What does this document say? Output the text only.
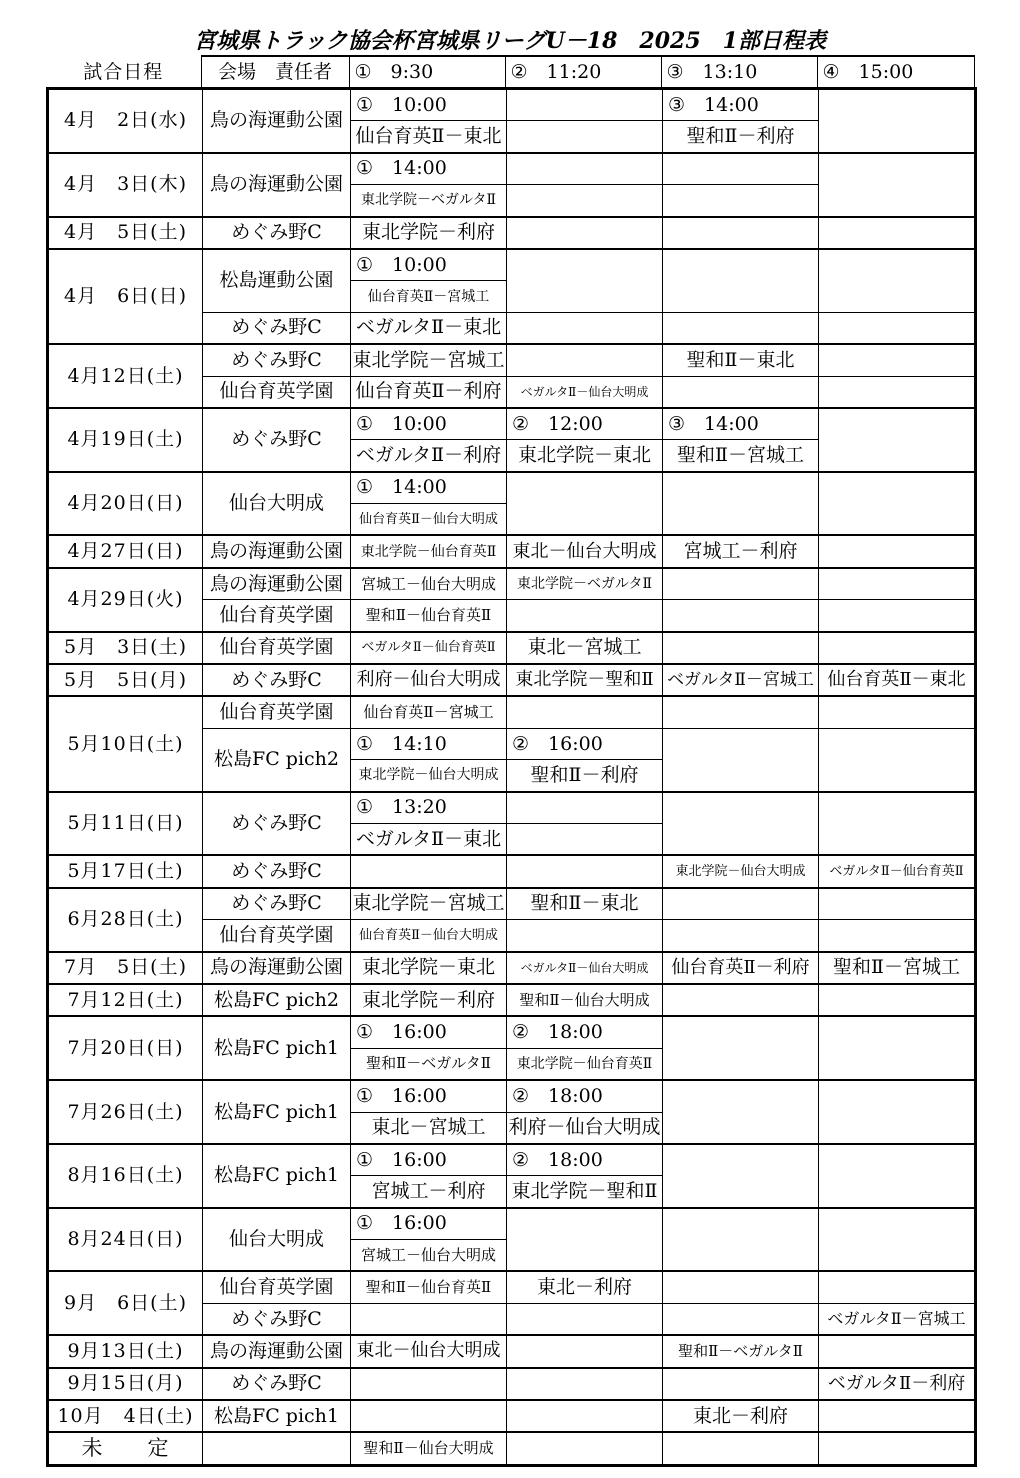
宮城県トラック協会杯宮城県リーグU－18　2025　1部日程表
試合日程	会場　責任者	①　9:30	②　11:20	③　13:10	④　15:00
4月　2日(水)	鳥の海運動公園	①　10:00		③　14:00	
		仙台育英Ⅱ－東北		聖和Ⅱ－利府	
4月　3日(木)	鳥の海運動公園	①　14:00			
		東北学院－ベガルタⅡ			
4月　5日(土)	めぐみ野C	東北学院－利府			
4月　6日(日)	松島運動公園	①　10:00			
		仙台育英Ⅱ－宮城工			
	めぐみ野C	ベガルタⅡ－東北			
4月12日(土)	めぐみ野C	東北学院－宮城工		聖和Ⅱ－東北	
	仙台育英学園	仙台育英Ⅱ－利府	ベガルタⅡ－仙台大明成		
4月19日(土)	めぐみ野C	①　10:00	②　12:00	③　14:00	
		ベガルタⅡ－利府	東北学院－東北	聖和Ⅱ－宮城工	
4月20日(日)	仙台大明成	①　14:00			
		仙台育英Ⅱ－仙台大明成			
4月27日(日)	鳥の海運動公園	東北学院－仙台育英Ⅱ	東北－仙台大明成	宮城工－利府	
4月29日(火)	鳥の海運動公園	宮城工－仙台大明成	東北学院－ベガルタⅡ		
	仙台育英学園	聖和Ⅱ－仙台育英Ⅱ			
5月　3日(土)	仙台育英学園	ベガルタⅡ－仙台育英Ⅱ	東北－宮城工		
5月　5日(月)	めぐみ野C	利府－仙台大明成	東北学院－聖和Ⅱ	ベガルタⅡ－宮城工	仙台育英Ⅱ－東北
5月10日(土)	仙台育英学園	仙台育英Ⅱ－宮城工			
	松島FC pich2	①　14:10	②　16:00		
		東北学院－仙台大明成	聖和Ⅱ－利府		
5月11日(日)	めぐみ野C	①　13:20			
		ベガルタⅡ－東北			
5月17日(土)	めぐみ野C			東北学院－仙台大明成	ベガルタⅡ－仙台育英Ⅱ
6月28日(土)	めぐみ野C	東北学院－宮城工	聖和Ⅱ－東北		
	仙台育英学園	仙台育英Ⅱ－仙台大明成			
7月　5日(土)	鳥の海運動公園	東北学院－東北	ベガルタⅡ－仙台大明成	仙台育英Ⅱ－利府	聖和Ⅱ－宮城工
7月12日(土)	松島FC pich2	東北学院－利府	聖和Ⅱ－仙台大明成		
7月20日(日)	松島FC pich1	①　16:00	②　18:00		
		聖和Ⅱ－ベガルタⅡ	東北学院－仙台育英Ⅱ		
7月26日(土)	松島FC pich1	①　16:00	②　18:00		
		東北－宮城工	利府－仙台大明成		
8月16日(土)	松島FC pich1	①　16:00	②　18:00		
		宮城工－利府	東北学院－聖和Ⅱ		
8月24日(日)	仙台大明成	①　16:00			
		宮城工－仙台大明成			
9月　6日(土)	仙台育英学園	聖和Ⅱ－仙台育英Ⅱ	東北－利府		
	めぐみ野C				ベガルタⅡ－宮城工
9月13日(土)	鳥の海運動公園	東北－仙台大明成		聖和Ⅱ－ベガルタⅡ	
9月15日(月)	めぐみ野C				ベガルタⅡ－利府
10月　4日(土)	松島FC pich1			東北－利府	
未　　定		聖和Ⅱ－仙台大明成			
